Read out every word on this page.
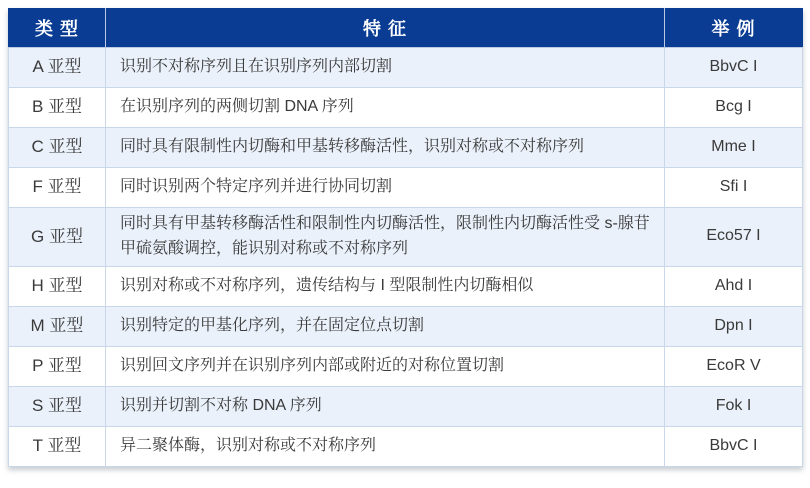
类 型	特 征	举 例
A 亚型	识别不对称序列且在识别序列内部切割	BbvC I
B 亚型	在识别序列的两侧切割 DNA 序列	Bcg I
C 亚型	同时具有限制性内切酶和甲基转移酶活性，识别对称或不对称序列	Mme I
F 亚型	同时识别两个特定序列并进行协同切割	Sfi I
G 亚型	同时具有甲基转移酶活性和限制性内切酶活性，限制性内切酶活性受 s-腺苷甲硫氨酸调控，能识别对称或不对称序列	Eco57 I
H 亚型	识别对称或不对称序列，遗传结构与 I 型限制性内切酶相似	Ahd I
M 亚型	识别特定的甲基化序列，并在固定位点切割	Dpn I
P 亚型	识别回文序列并在识别序列内部或附近的对称位置切割	EcoR V
S 亚型	识别并切割不对称 DNA 序列	Fok I
T 亚型	异二聚体酶，识别对称或不对称序列	BbvC I
